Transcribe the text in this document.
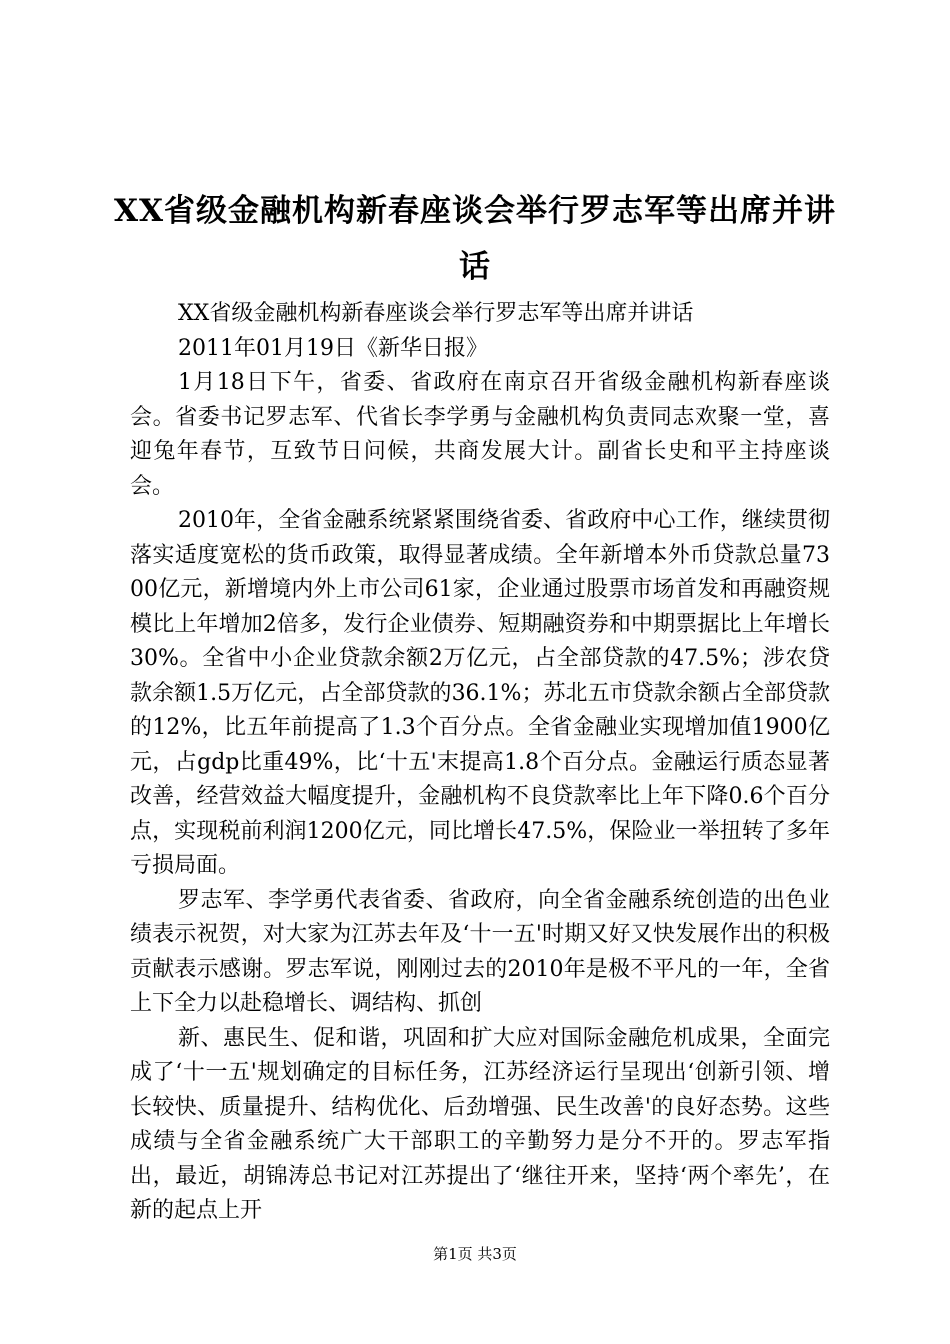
XX省级金融机构新春座谈会举行罗志军等出席并讲话

XX省级金融机构新春座谈会举行罗志军等出席并讲话

2011年01月19日《新华日报》

1月18日下午，省委、省政府在南京召开省级金融机构新春座谈会。省委书记罗志军、代省长李学勇与金融机构负责同志欢聚一堂，喜迎兔年春节，互致节日问候，共商发展大计。副省长史和平主持座谈会。

2010年，全省金融系统紧紧围绕省委、省政府中心工作，继续贯彻落实适度宽松的货币政策，取得显著成绩。全年新增本外币贷款总量7300亿元，新增境内外上市公司61家，企业通过股票市场首发和再融资规模比上年增加2倍多，发行企业债券、短期融资券和中期票据比上年增长30%。全省中小企业贷款余额2万亿元，占全部贷款的47.5%；涉农贷款余额1.5万亿元，占全部贷款的36.1%；苏北五市贷款余额占全部贷款的12%，比五年前提高了1.3个百分点。全省金融业实现增加值1900亿元，占gdp比重49%，比‘十五'末提高1.8个百分点。金融运行质态显著改善，经营效益大幅度提升，金融机构不良贷款率比上年下降0.6个百分点，实现税前利润1200亿元，同比增长47.5%，保险业一举扭转了多年亏损局面。

罗志军、李学勇代表省委、省政府，向全省金融系统创造的出色业绩表示祝贺，对大家为江苏去年及‘十一五'时期又好又快发展作出的积极贡献表示感谢。罗志军说，刚刚过去的2010年是极不平凡的一年，全省上下全力以赴稳增长、调结构、抓创

新、惠民生、促和谐，巩固和扩大应对国际金融危机成果，全面完成了‘十一五'规划确定的目标任务，江苏经济运行呈现出‘创新引领、增长较快、质量提升、结构优化、后劲增强、民生改善'的良好态势。这些成绩与全省金融系统广大干部职工的辛勤努力是分不开的。罗志军指出，最近，胡锦涛总书记对江苏提出了‘继往开来，坚持‘两个率先’，在新的起点上开

第1页 共3页
